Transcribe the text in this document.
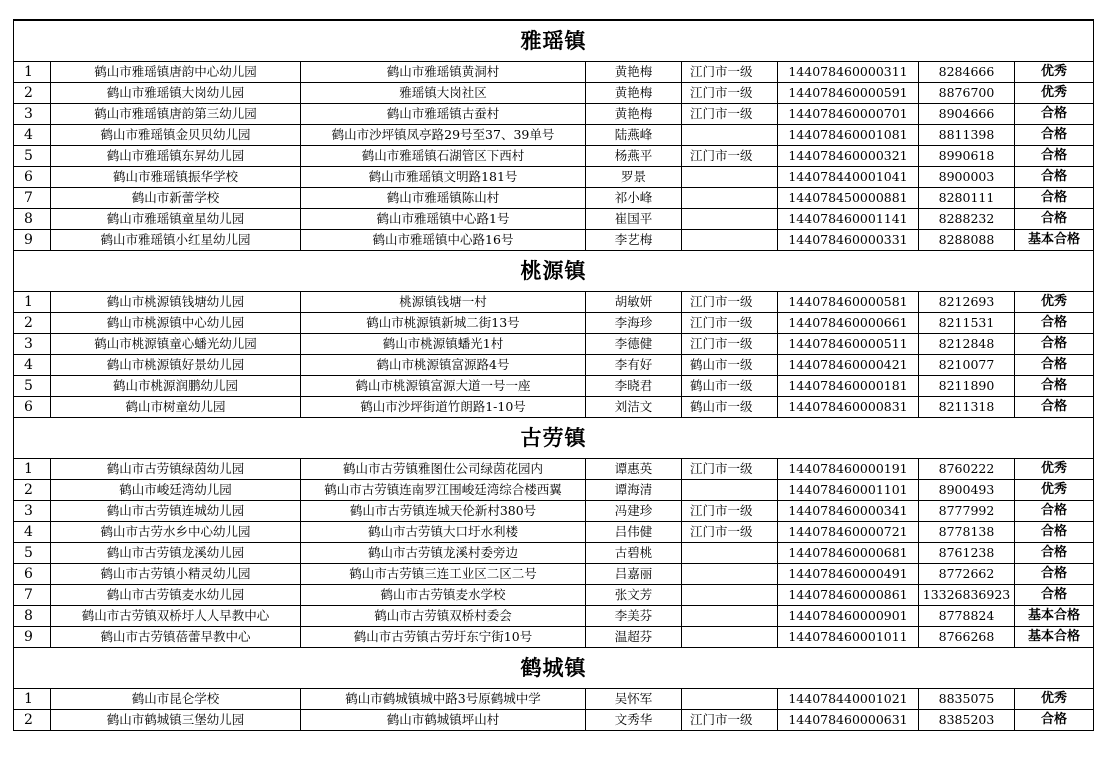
雅瑶镇							
1	鹤山市雅瑶镇唐韵中心幼儿园	鹤山市雅瑶镇黄洞村	黄艳梅	江门市一级	144078460000311	8284666	优秀
2	鹤山市雅瑶镇大岗幼儿园	雅瑶镇大岗社区	黄艳梅	江门市一级	144078460000591	8876700	优秀
3	鹤山市雅瑶镇唐韵第三幼儿园	鹤山市雅瑶镇古蚕村	黄艳梅	江门市一级	144078460000701	8904666	合格
4	鹤山市雅瑶镇金贝贝幼儿园	鹤山市沙坪镇凤亭路29号至37、39单号	陆燕峰		144078460001081	8811398	合格
5	鹤山市雅瑶镇东昇幼儿园	鹤山市雅瑶镇石湖管区下西村	杨燕平	江门市一级	144078460000321	8990618	合格
6	鹤山市雅瑶镇振华学校	鹤山市雅瑶镇文明路181号	罗景		144078440001041	8900003	合格
7	鹤山市新蕾学校	鹤山市雅瑶镇陈山村	祁小峰		144078450000881	8280111	合格
8	鹤山市雅瑶镇童星幼儿园	鹤山市雅瑶镇中心路1号	崔国平		144078460001141	8288232	合格
9	鹤山市雅瑶镇小红星幼儿园	鹤山市雅瑶镇中心路16号	李艺梅		144078460000331	8288088	基本合格
桃源镇							
1	鹤山市桃源镇钱塘幼儿园	桃源镇钱塘一村	胡敏妍	江门市一级	144078460000581	8212693	优秀
2	鹤山市桃源镇中心幼儿园	鹤山市桃源镇新城二街13号	李海珍	江门市一级	144078460000661	8211531	合格
3	鹤山市桃源镇童心蟠光幼儿园	鹤山市桃源镇蟠光1村	李德健	江门市一级	144078460000511	8212848	合格
4	鹤山市桃源镇好景幼儿园	鹤山市桃源镇富源路4号	李有好	鹤山市一级	144078460000421	8210077	合格
5	鹤山市桃源润鹏幼儿园	鹤山市桃源镇富源大道一号一座	李晓君	鹤山市一级	144078460000181	8211890	合格
6	鹤山市树童幼儿园	鹤山市沙坪街道竹朗路1-10号	刘洁文	鹤山市一级	144078460000831	8211318	合格
古劳镇							
1	鹤山市古劳镇绿茵幼儿园	鹤山市古劳镇雅图仕公司绿茵花园内	谭惠英	江门市一级	144078460000191	8760222	优秀
2	鹤山市峻廷湾幼儿园	鹤山市古劳镇连南罗江围峻廷湾综合楼西翼	谭海清		144078460001101	8900493	优秀
3	鹤山市古劳镇连城幼儿园	鹤山市古劳镇连城天伦新村380号	冯建珍	江门市一级	144078460000341	8777992	合格
4	鹤山市古劳水乡中心幼儿园	鹤山市古劳镇大口圩水利楼	吕伟健	江门市一级	144078460000721	8778138	合格
5	鹤山市古劳镇龙溪幼儿园	鹤山市古劳镇龙溪村委旁边	古碧桃		144078460000681	8761238	合格
6	鹤山市古劳镇小精灵幼儿园	鹤山市古劳镇三连工业区二区二号	吕嘉丽		144078460000491	8772662	合格
7	鹤山市古劳镇麦水幼儿园	鹤山市古劳镇麦水学校	张文芳		144078460000861	13326836923	合格
8	鹤山市古劳镇双桥圩人人早教中心	鹤山市古劳镇双桥村委会	李美芬		144078460000901	8778824	基本合格
9	鹤山市古劳镇蓓蕾早教中心	鹤山市古劳镇古劳圩东宁街10号	温超芬		144078460001011	8766268	基本合格
鹤城镇							
1	鹤山市昆仑学校	鹤山市鹤城镇城中路3号原鹤城中学	吴怀军		144078440001021	8835075	优秀
2	鹤山市鹤城镇三堡幼儿园	鹤山市鹤城镇坪山村	文秀华	江门市一级	144078460000631	8385203	合格
